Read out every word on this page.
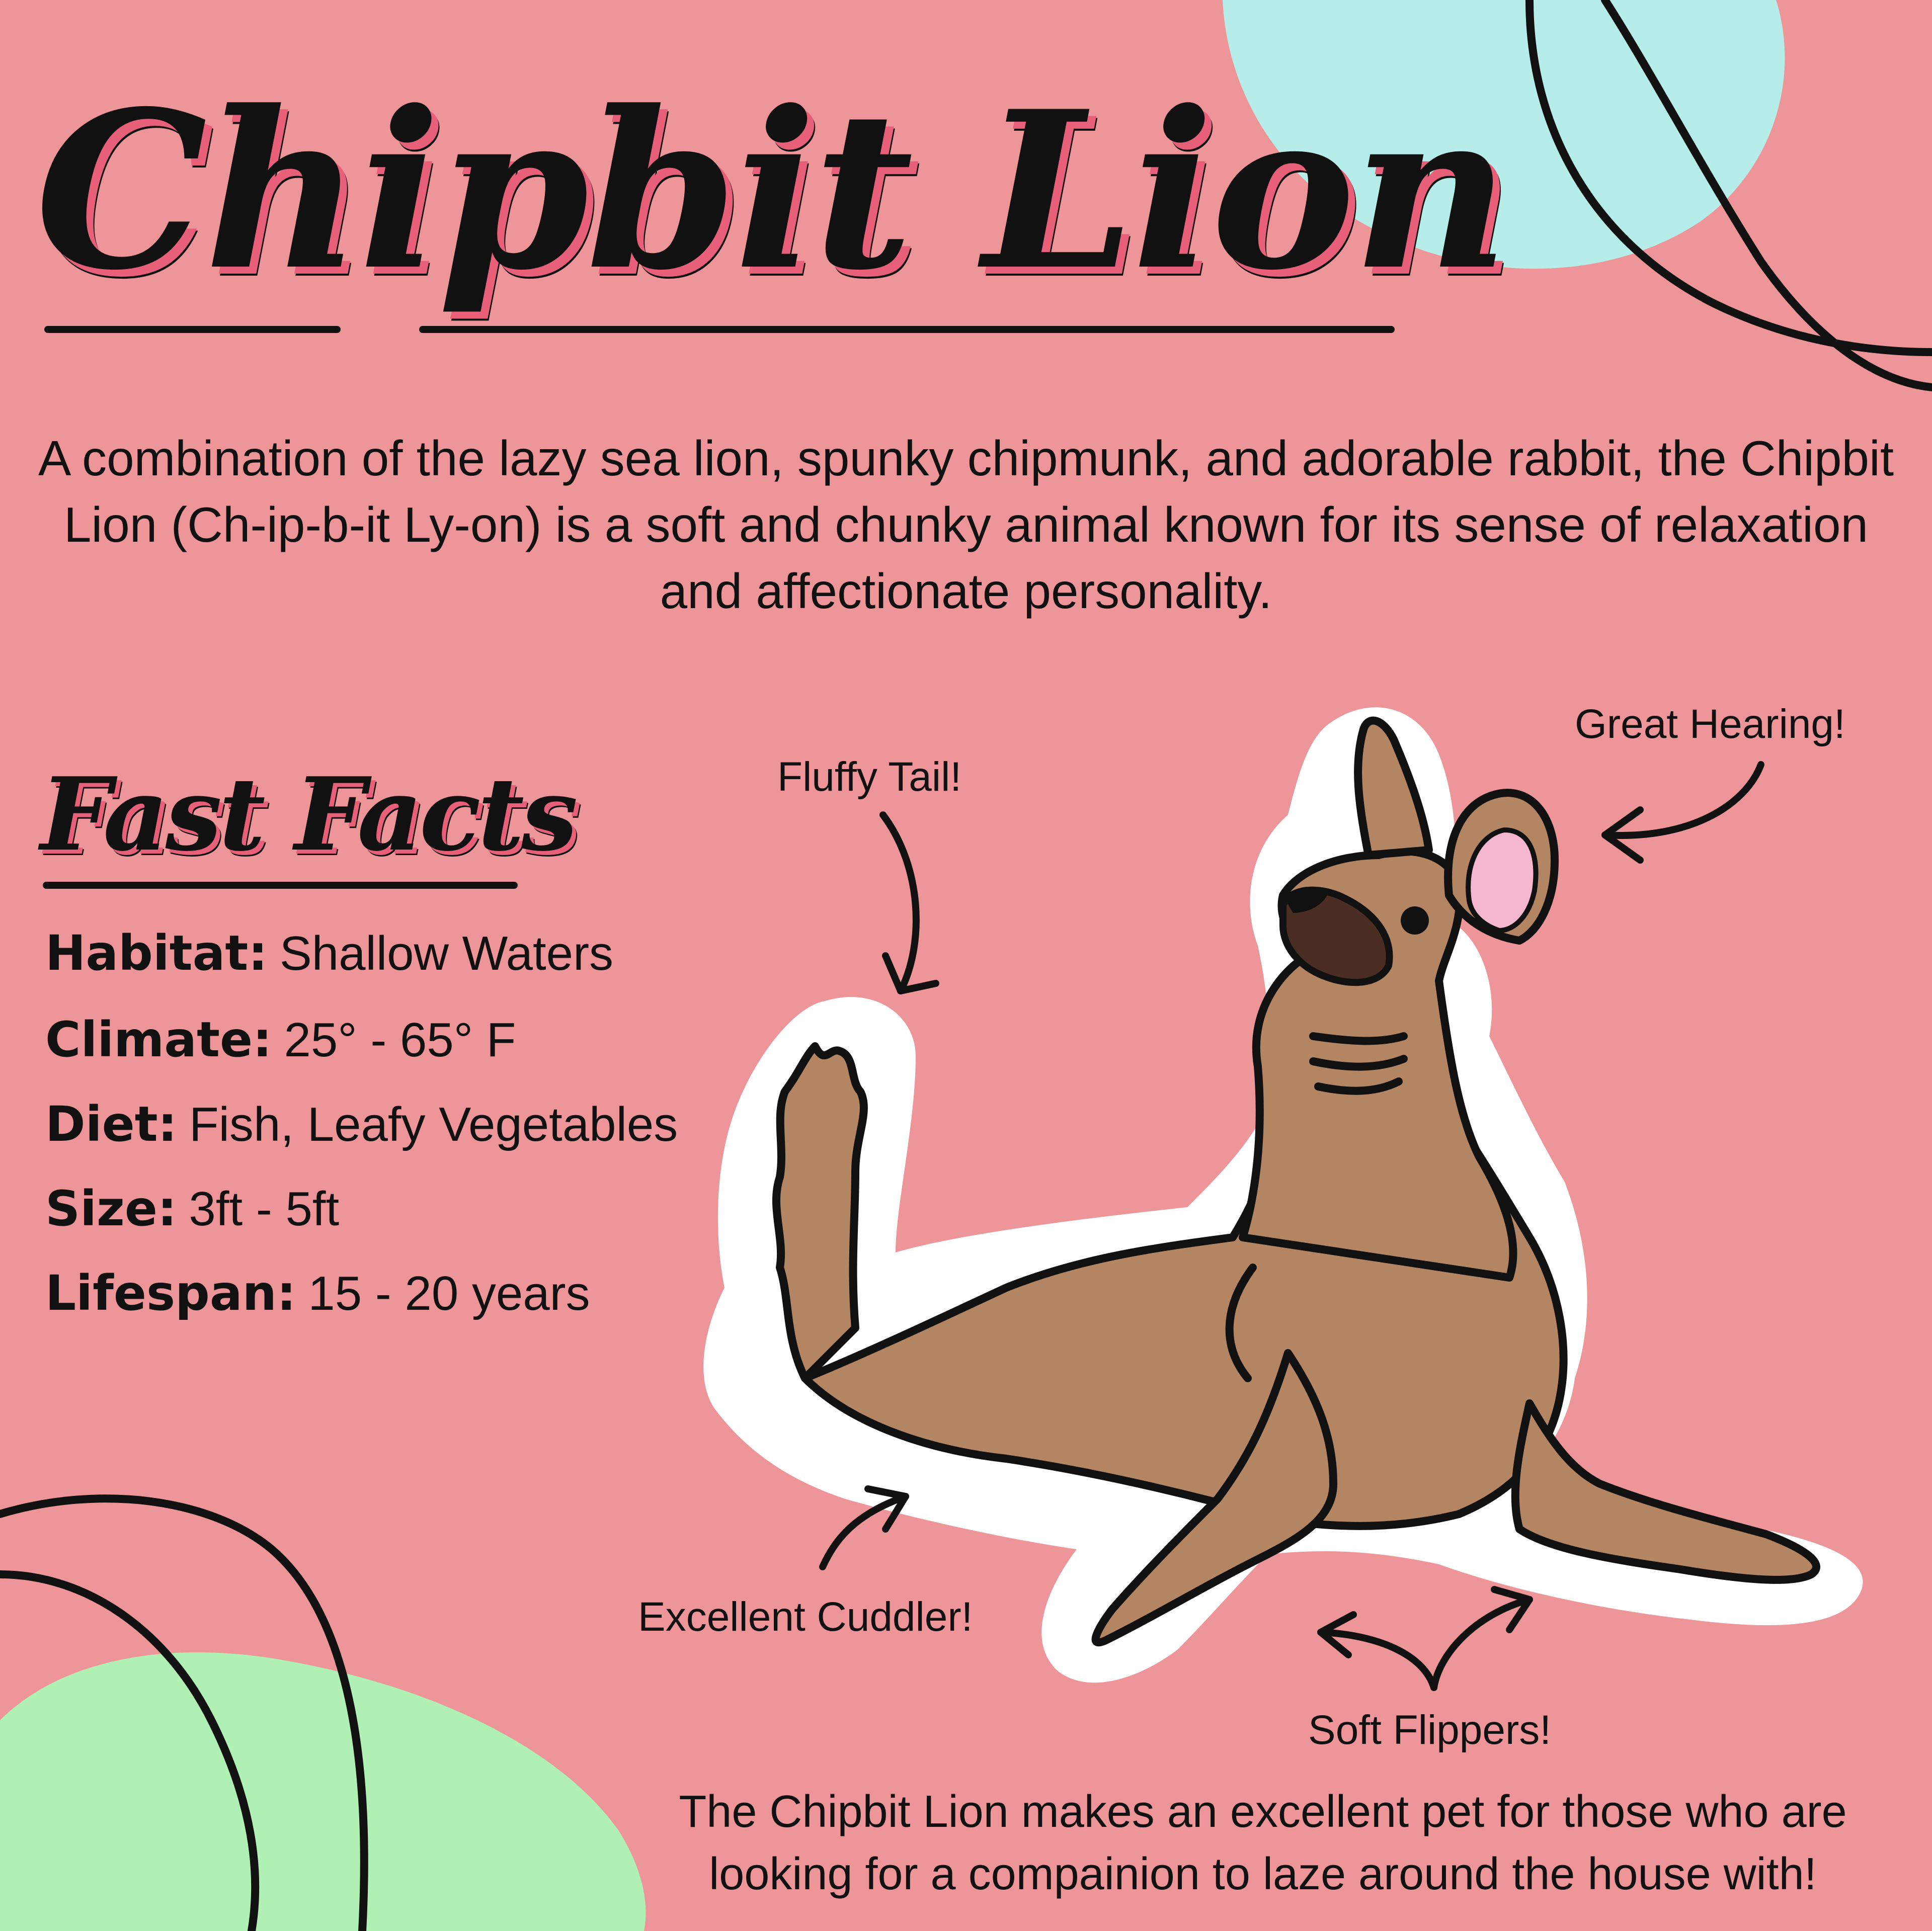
Chipbit Lion
A combination of the lazy sea lion, spunky chipmunk, and adorable rabbit, the Chipbit Lion (Ch-ip-b-it Ly-on) is a soft and chunky animal known for its sense of relaxation and affectionate personality.
Fast Facts
Habitat: Shallow Waters
Climate: 25° - 65° F
Diet: Fish, Leafy Vegetables
Size: 3ft - 5ft
Lifespan: 15 - 20 years
Fluffy Tail!
Great Hearing!
Excellent Cuddler!
Soft Flippers!
The Chipbit Lion makes an excellent pet for those who are looking for a compainion to laze around the house with!
